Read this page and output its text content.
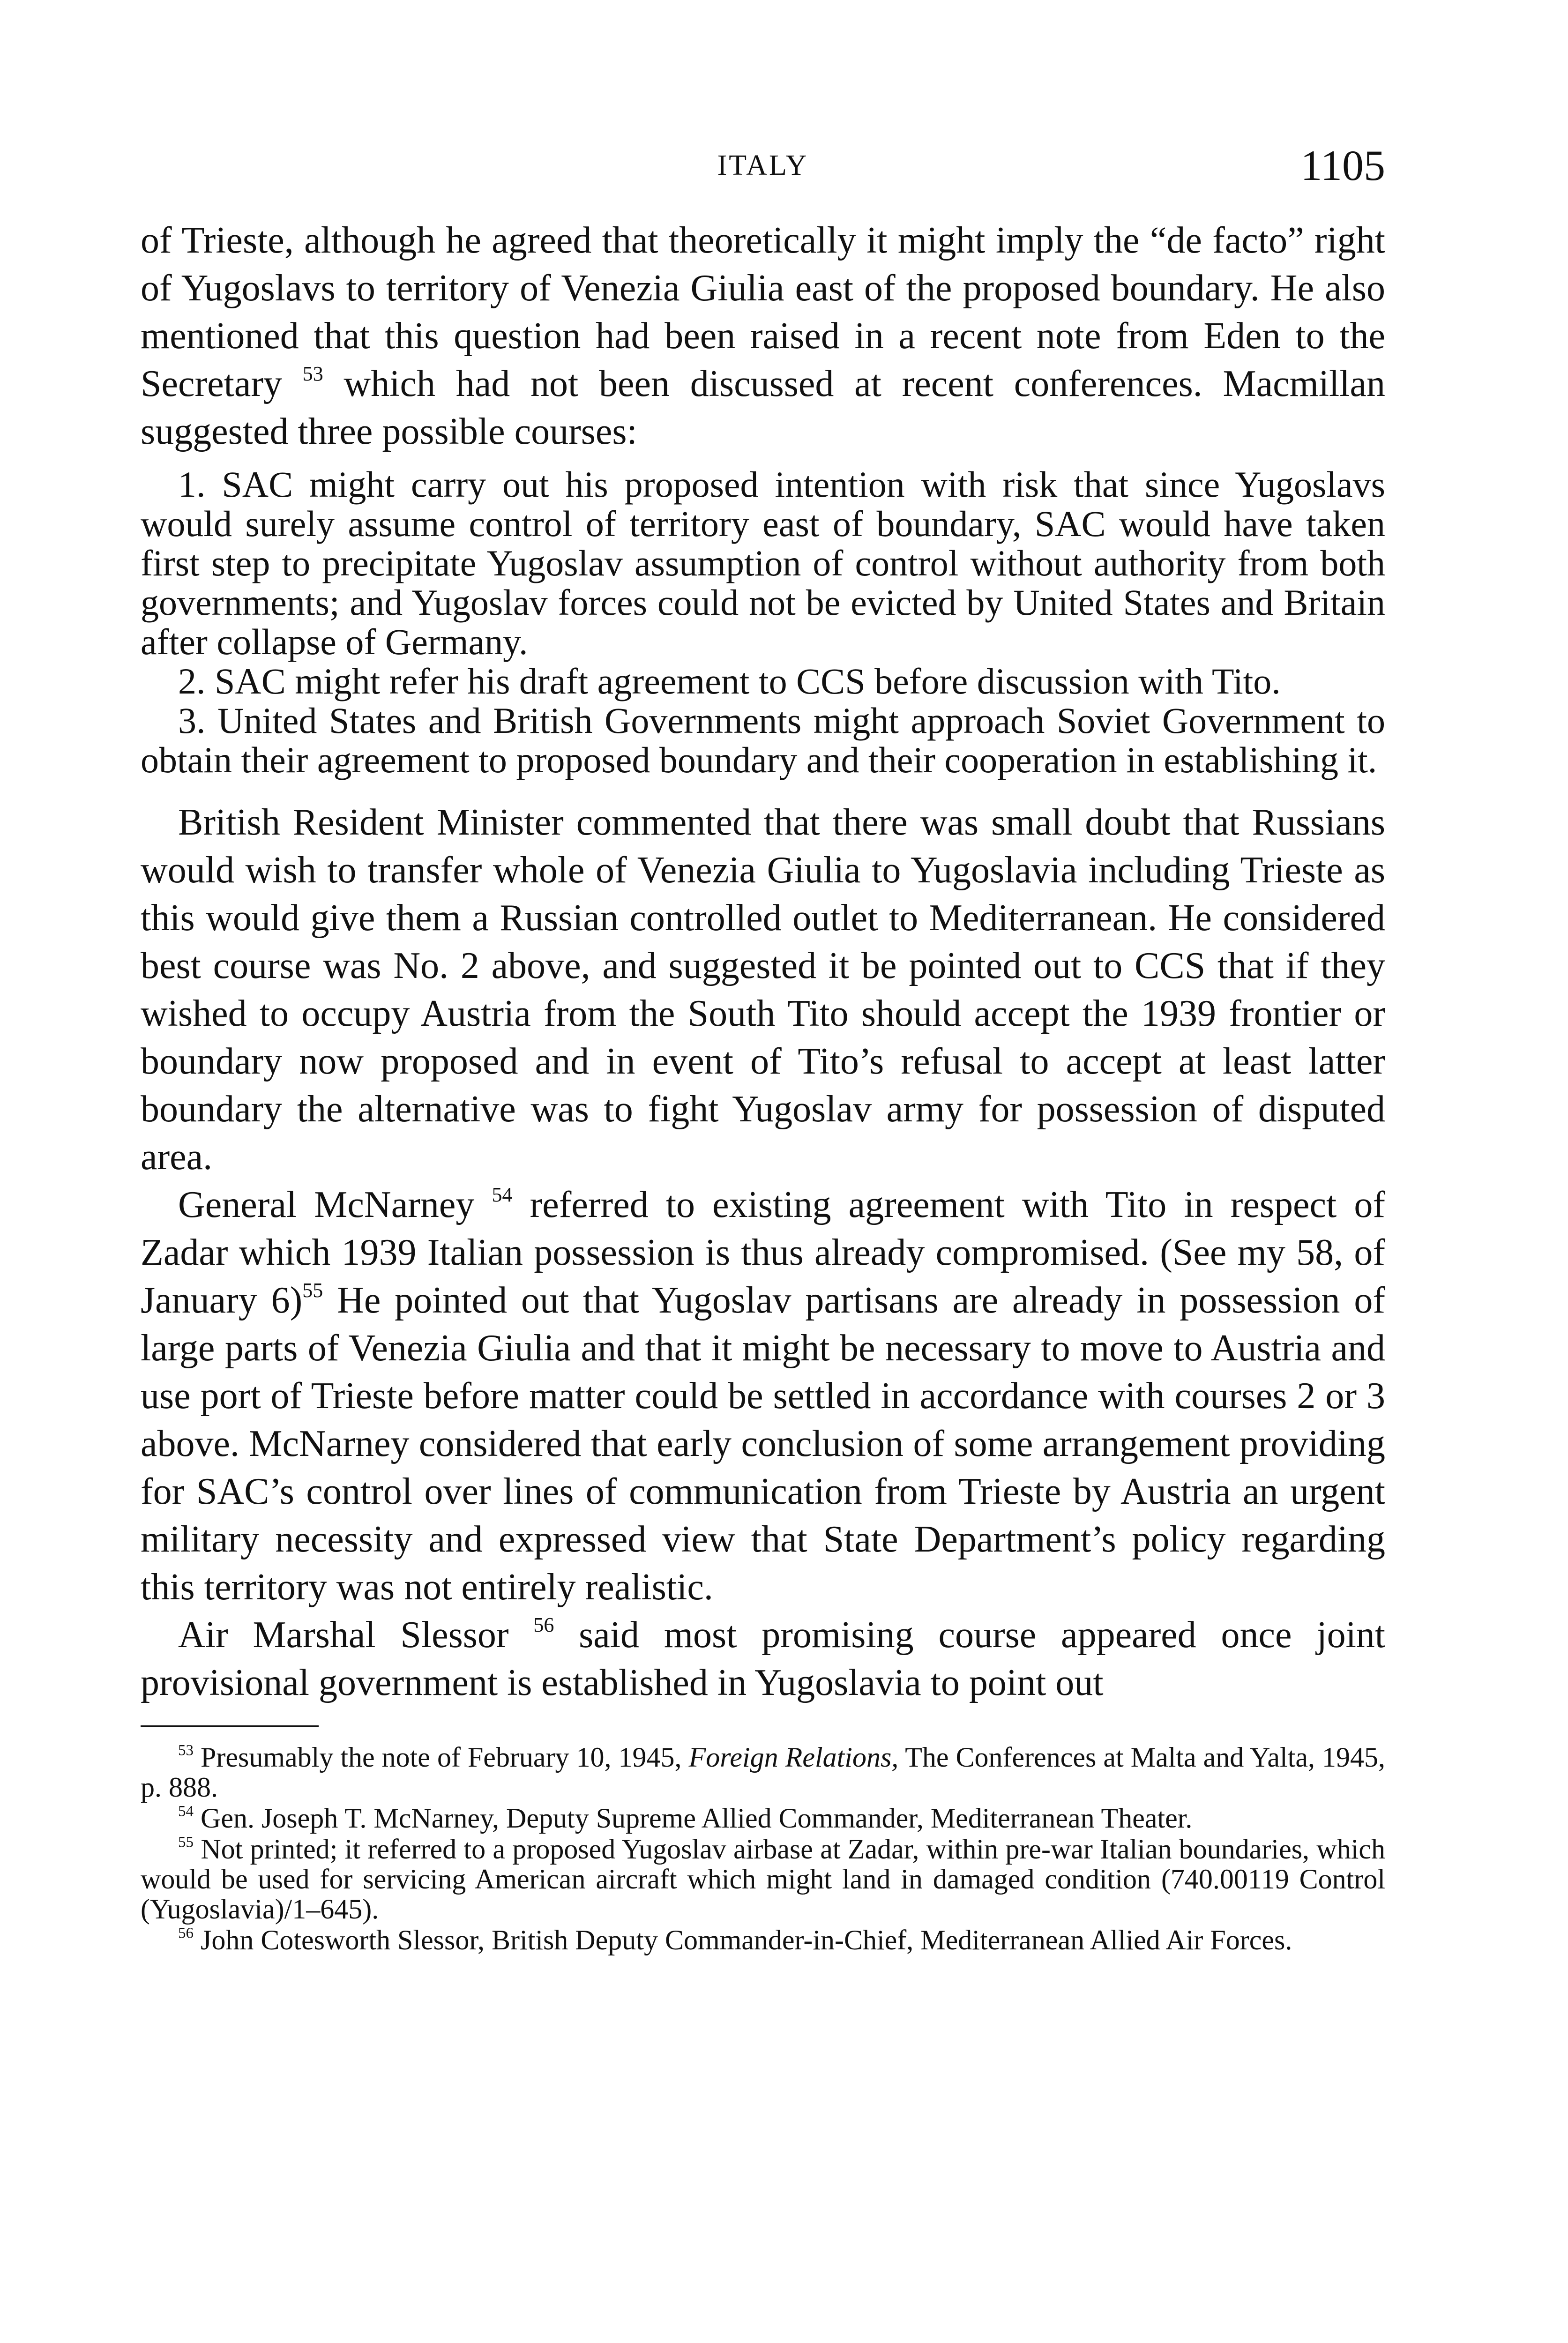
ITALY	1105

of Trieste, although he agreed that theoretically it might imply the “de facto” right of Yugoslavs to territory of Venezia Giulia east of the proposed boundary. He also mentioned that this question had been raised in a recent note from Eden to the Secretary $^{53}$ which had not been discussed at recent conferences. Macmillan suggested three possible courses:

1. SAC might carry out his proposed intention with risk that since Yugoslavs would surely assume control of territory east of boundary, SAC would have taken first step to precipitate Yugoslav assumption of control without authority from both governments; and Yugoslav forces could not be evicted by United States and Britain after collapse of Germany.

2. SAC might refer his draft agreement to CCS before discussion with Tito.

3. United States and British Governments might approach Soviet Government to obtain their agreement to proposed boundary and their cooperation in establishing it.

British Resident Minister commented that there was small doubt that Russians would wish to transfer whole of Venezia Giulia to Yugoslavia including Trieste as this would give them a Russian controlled outlet to Mediterranean. He considered best course was No. 2 above, and suggested it be pointed out to CCS that if they wished to occupy Austria from the South Tito should accept the 1939 frontier or boundary now proposed and in event of Tito’s refusal to accept at least latter boundary the alternative was to fight Yugoslav army for possession of disputed area.

General McNarney $^{54}$ referred to existing agreement with Tito in respect of Zadar which 1939 Italian possession is thus already compromised. (See my 58, of January 6)$^{55}$ He pointed out that Yugoslav partisans are already in possession of large parts of Venezia Giulia and that it might be necessary to move to Austria and use port of Trieste before matter could be settled in accordance with courses 2 or 3 above. McNarney considered that early conclusion of some arrangement providing for SAC’s control over lines of communication from Trieste by Austria an urgent military necessity and expressed view that State Department’s policy regarding this territory was not entirely realistic.

Air Marshal Slessor $^{56}$ said most promising course appeared once joint provisional government is established in Yugoslavia to point out

$^{53}$ Presumably the note of February 10, 1945, Foreign Relations, The Conferences at Malta and Yalta, 1945, p. 888.

$^{54}$ Gen. Joseph T. McNarney, Deputy Supreme Allied Commander, Mediterranean Theater.

$^{55}$ Not printed; it referred to a proposed Yugoslav airbase at Zadar, within pre-war Italian boundaries, which would be used for servicing American aircraft which might land in damaged condition (740.00119 Control (Yugoslavia)/1–645).

$^{56}$ John Cotesworth Slessor, British Deputy Commander-in-Chief, Mediterranean Allied Air Forces.
